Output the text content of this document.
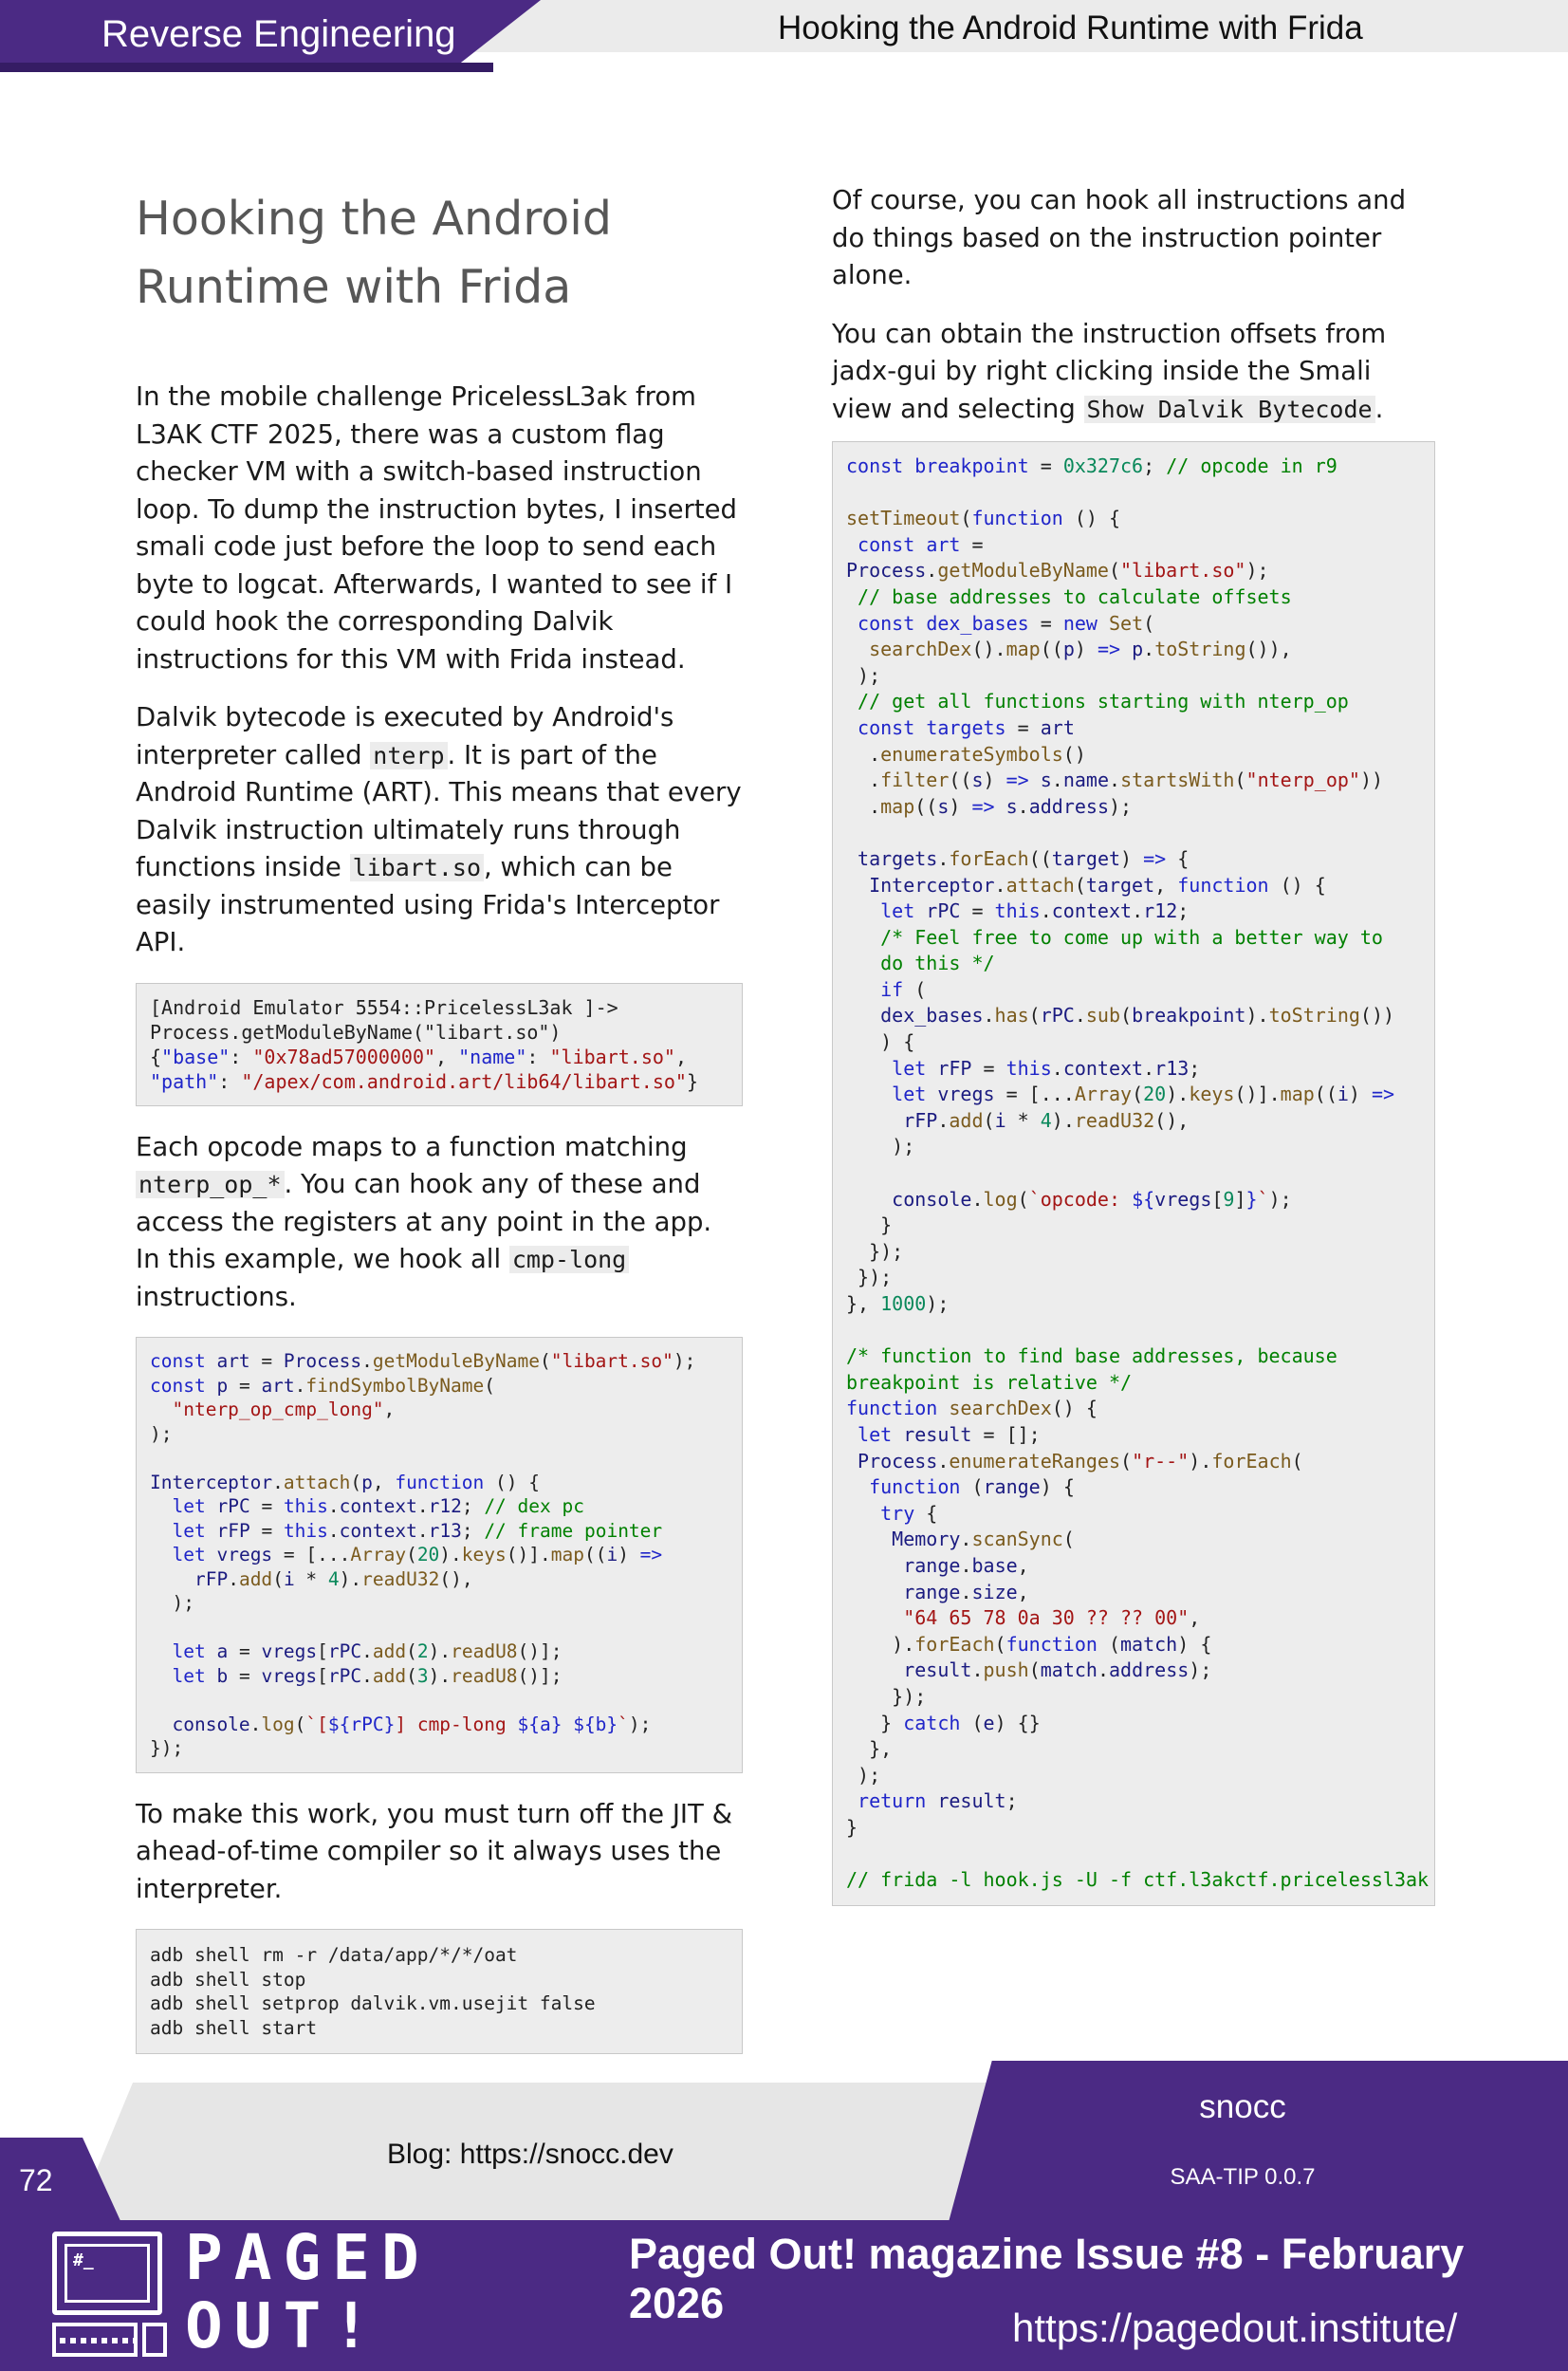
Reverse Engineering	Hooking the Android Runtime with Frida
Hooking the Android
Runtime with Frida

In the mobile challenge PricelessL3ak from L3AK CTF 2025, there was a custom flag checker VM with a switch-based instruction loop. To dump the instruction bytes, I inserted smali code just before the loop to send each byte to logcat. Afterwards, I wanted to see if I could hook the corresponding Dalvik instructions for this VM with Frida instead.

Dalvik bytecode is executed by Android's interpreter called nterp . It is part of the Android Runtime (ART). This means that every Dalvik instruction ultimately runs through functions inside libart.so , which can be easily instrumented using Frida's Interceptor API.

[Android Emulator 5554::PricelessL3ak ]->
Process.getModuleByName("libart.so")
{"base": "0x78ad57000000", "name": "libart.so",
"path": "/apex/com.android.art/lib64/libart.so"}

Each opcode maps to a function matching nterp_op_* . You can hook any of these and access the registers at any point in the app. In this example, we hook all cmp-long instructions.

const art = Process.getModuleByName("libart.so");
const p = art.findSymbolByName(
"nterp_op_cmp_long",
);

Interceptor.attach(p, function () {
let rPC = this.context.r12; // dex pc
let rFP = this.context.r13; // frame pointer
let vregs = [...Array(20).keys()].map((i) =>
rFP.add(i * 4).readU32(),
);

let a = vregs[rPC.add(2).readU8()];
let b = vregs[rPC.add(3).readU8()];

console.log(`[${rPC}] cmp-long ${a} ${b}`);
});

To make this work, you must turn off the JIT & ahead-of-time compiler so it always uses the interpreter.

adb shell rm -r /data/app/*/*/oat
adb shell stop
adb shell setprop dalvik.vm.usejit false
adb shell start

Of course, you can hook all instructions and do things based on the instruction pointer alone.

You can obtain the instruction offsets from jadx-gui by right clicking inside the Smali view and selecting Show Dalvik Bytecode .

const breakpoint = 0x327c6; // opcode in r9

setTimeout(function () {
const art =
Process.getModuleByName("libart.so");
// base addresses to calculate offsets
const dex_bases = new Set(
searchDex().map((p) => p.toString()),
);
// get all functions starting with nterp_op
const targets = art
.enumerateSymbols()
.filter((s) => s.name.startsWith("nterp_op"))
.map((s) => s.address);

targets.forEach((target) => {
Interceptor.attach(target, function () {
let rPC = this.context.r12;
/* Feel free to come up with a better way to
do this */
if (
dex_bases.has(rPC.sub(breakpoint).toString())
) {
let rFP = this.context.r13;
let vregs = [...Array(20).keys()].map((i) =>
rFP.add(i * 4).readU32(),
);

console.log(`opcode: ${vregs[9]}`);
}
});
});
}, 1000);

/* function to find base addresses, because
breakpoint is relative */
function searchDex() {
let result = [];
Process.enumerateRanges("r--").forEach(
function (range) {
try {
Memory.scanSync(
range.base,
range.size,
"64 65 78 0a 30 ?? ?? 00",
).forEach(function (match) {
result.push(match.address);
});
} catch (e) {}
},
);
return result;
}

// frida -l hook.js -U -f ctf.l3akctf.pricelessl3ak
Blog: https://snocc.dev
snocc
SAA-TIP 0.0.7
72
#_	PAGED
OUT!
Paged Out! magazine Issue #8 - February 2026
https://pagedout.institute/
